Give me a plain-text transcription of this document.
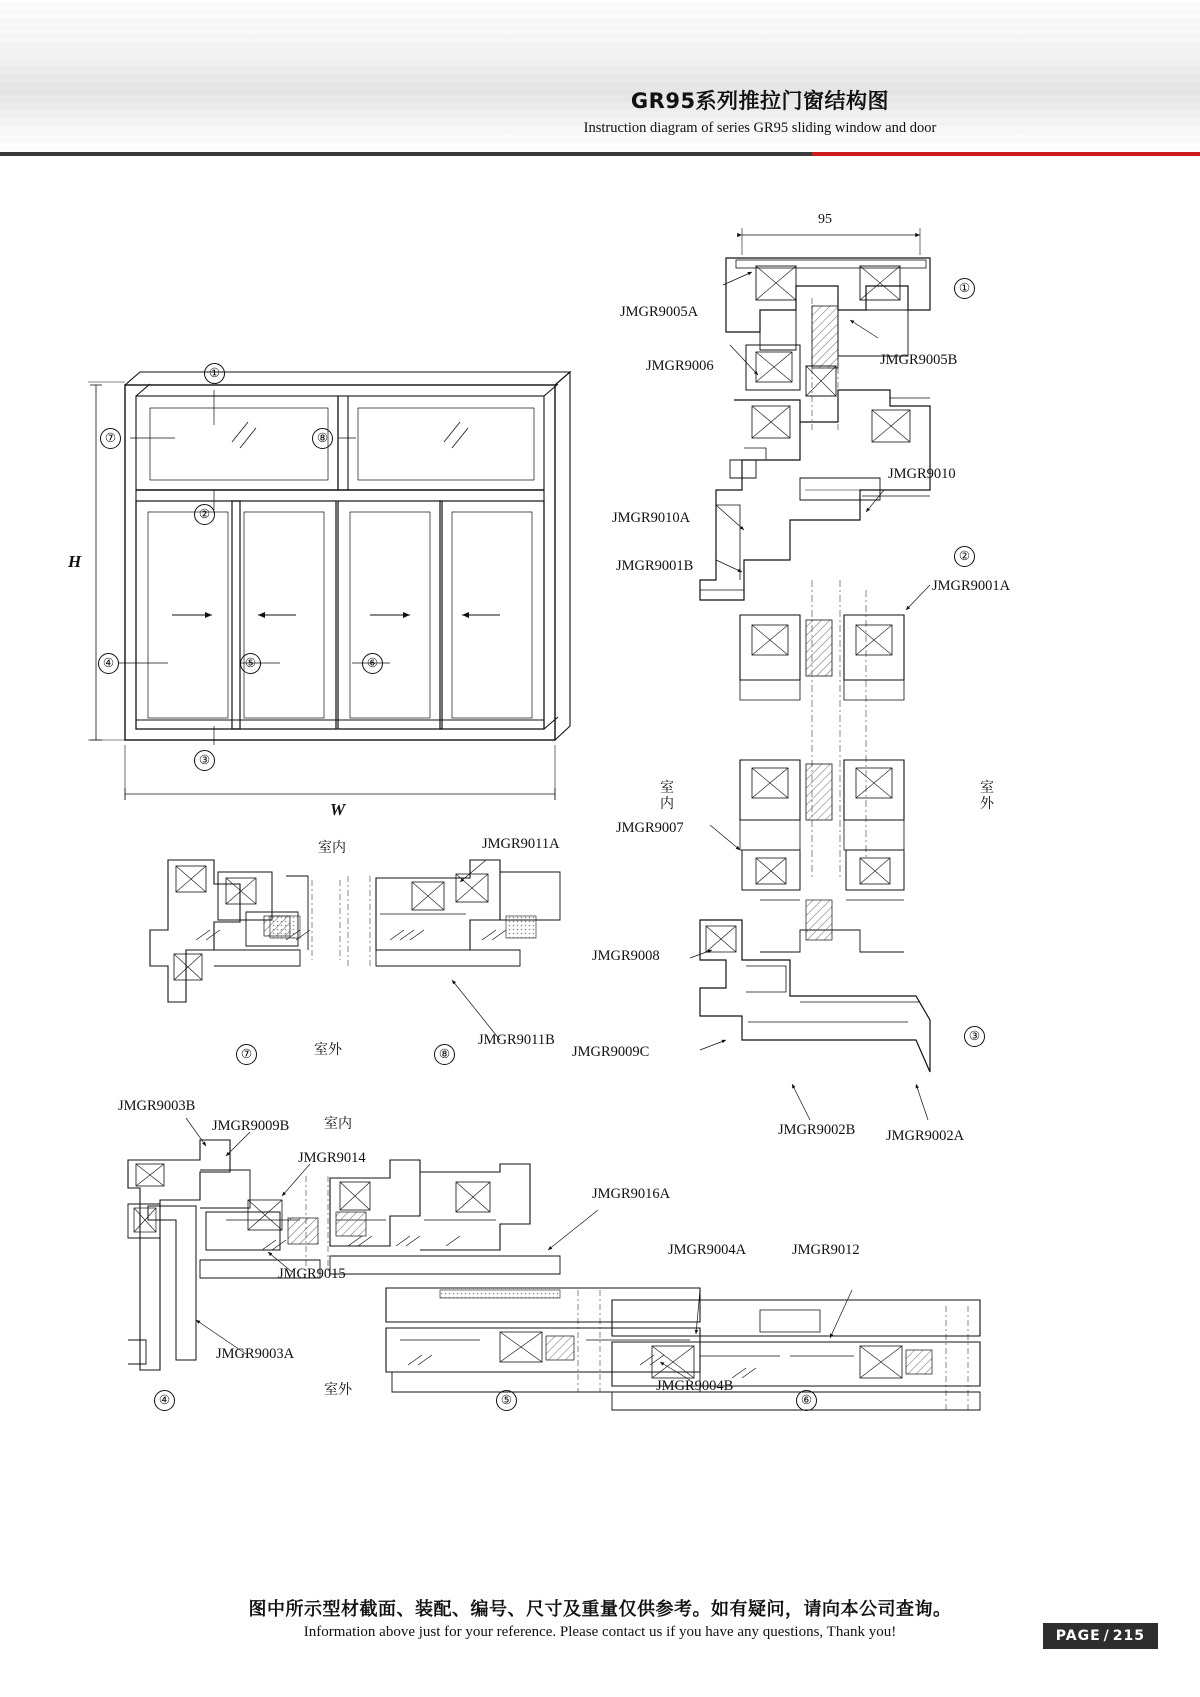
GR95系列推拉门窗结构图
Instruction diagram of series GR95 sliding window and door
①
⑦	⑧
②
④	⑤	⑥
③
H
W
95
①
②
③
JMGR9005A
JMGR9005B
JMGR9006
JMGR9010
JMGR9010A
JMGR9001B
JMGR9001A
JMGR9007
JMGR9008
JMGR9009C
JMGR9002B JMGR9002A
室
内
室
外
室内
室外
JMGR9011A
JMGR9011B
⑦	⑧
JMGR9003B
JMGR9009B	室内
JMGR9014
JMGR9015
JMGR9003A
室外
JMGR9016A
JMGR9004A	JMGR9012
JMGR9004B
④	⑤	⑥
图中所示型材截面、装配、编号、尺寸及重量仅供参考。如有疑问，请向本公司查询。
Information above just for your reference. Please contact us if you have any questions, Thank you!	PAGE / 215
